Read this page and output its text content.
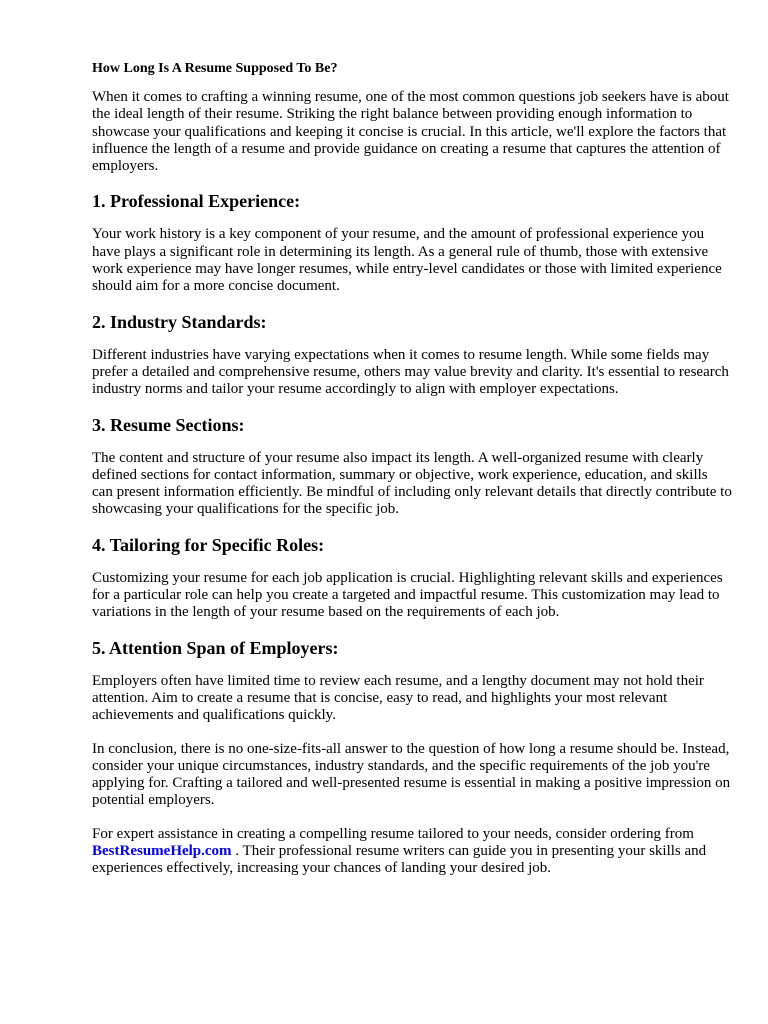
How Long Is A Resume Supposed To Be?

When it comes to crafting a winning resume, one of the most common questions job seekers have is about the ideal length of their resume. Striking the right balance between providing enough information to showcase your qualifications and keeping it concise is crucial. In this article, we'll explore the factors that influence the length of a resume and provide guidance on creating a resume that captures the attention of employers.

1. Professional Experience:

Your work history is a key component of your resume, and the amount of professional experience you have plays a significant role in determining its length. As a general rule of thumb, those with extensive work experience may have longer resumes, while entry-level candidates or those with limited experience should aim for a more concise document.

2. Industry Standards:

Different industries have varying expectations when it comes to resume length. While some fields may prefer a detailed and comprehensive resume, others may value brevity and clarity. It's essential to research industry norms and tailor your resume accordingly to align with employer expectations.

3. Resume Sections:

The content and structure of your resume also impact its length. A well-organized resume with clearly defined sections for contact information, summary or objective, work experience, education, and skills can present information efficiently. Be mindful of including only relevant details that directly contribute to showcasing your qualifications for the specific job.

4. Tailoring for Specific Roles:

Customizing your resume for each job application is crucial. Highlighting relevant skills and experiences for a particular role can help you create a targeted and impactful resume. This customization may lead to variations in the length of your resume based on the requirements of each job.

5. Attention Span of Employers:

Employers often have limited time to review each resume, and a lengthy document may not hold their attention. Aim to create a resume that is concise, easy to read, and highlights your most relevant achievements and qualifications quickly.

In conclusion, there is no one-size-fits-all answer to the question of how long a resume should be. Instead, consider your unique circumstances, industry standards, and the specific requirements of the job you're applying for. Crafting a tailored and well-presented resume is essential in making a positive impression on potential employers.

For expert assistance in creating a compelling resume tailored to your needs, consider ordering from BestResumeHelp.com . Their professional resume writers can guide you in presenting your skills and experiences effectively, increasing your chances of landing your desired job.
